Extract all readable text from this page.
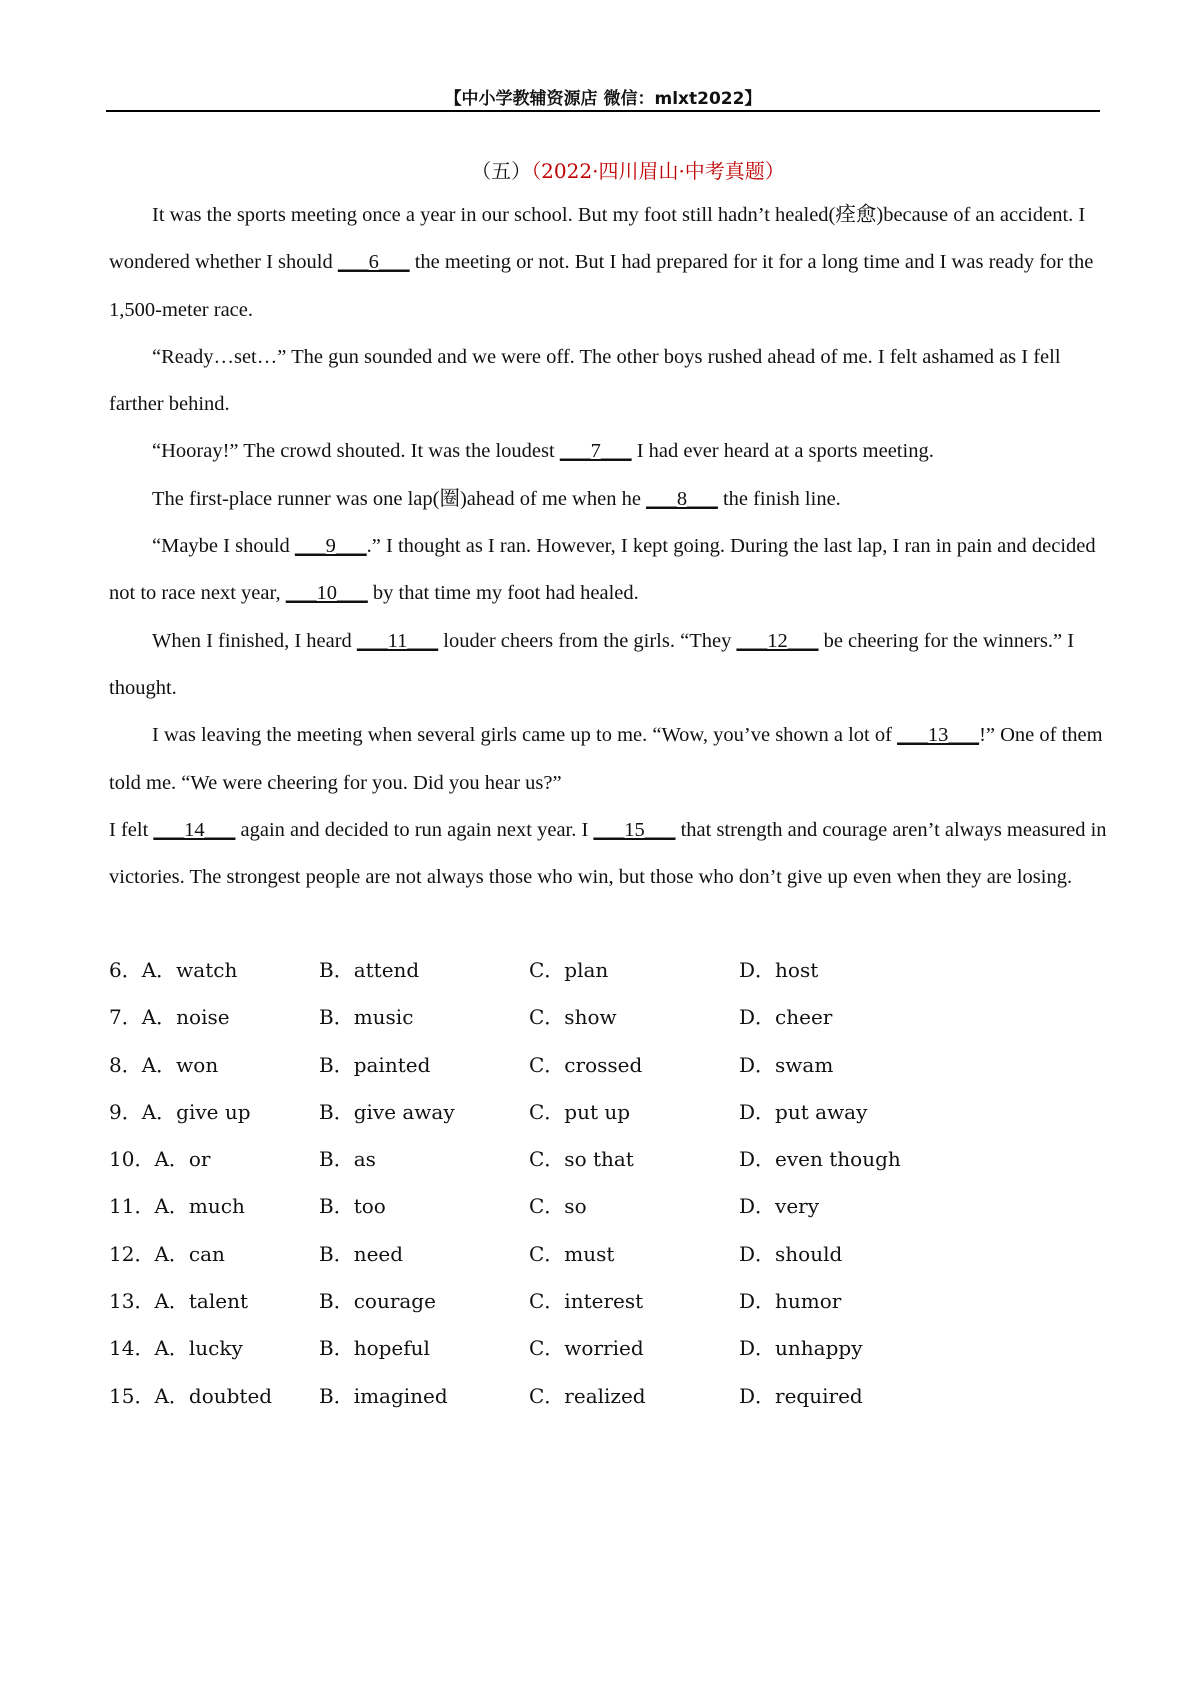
【中小学教辅资源店 微信：mlxt2022】
（五）（2022·四川眉山·中考真题）

It was the sports meeting once a year in our school. But my foot still hadn’t healed(痊愈)because of an accident. I wondered whether I should ___6___ the meeting or not. But I had prepared for it for a long time and I was ready for the 1,500-meter race.

“Ready…set…” The gun sounded and we were off. The other boys rushed ahead of me. I felt ashamed as I fell farther behind.

“Hooray!” The crowd shouted. It was the loudest ___7___ I had ever heard at a sports meeting.

The first-place runner was one lap(圈)ahead of me when he ___8___ the finish line.

“Maybe I should ___9___.” I thought as I ran. However, I kept going. During the last lap, I ran in pain and decided not to race next year, ___10___ by that time my foot had healed.

When I finished, I heard ___11___ louder cheers from the girls. “They ___12___ be cheering for the winners.” I thought.

I was leaving the meeting when several girls came up to me. “Wow, you’ve shown a lot of ___13___!” One of them told me. “We were cheering for you. Did you hear us?”

I felt ___14___ again and decided to run again next year. I ___15___ that strength and courage aren’t always measured in victories. The strongest people are not always those who win, but those who don’t give up even when they are losing.

6．A．watch	B．attend	C．plan	D．host
7．A．noise	B．music	C．show	D．cheer
8．A．won	B．painted	C．crossed	D．swam
9．A．give up	B．give away	C．put up	D．put away
10．A．or	B．as	C．so that	D．even though
11．A．much	B．too	C．so	D．very
12．A．can	B．need	C．must	D．should
13．A．talent	B．courage	C．interest	D．humor
14．A．lucky	B．hopeful	C．worried	D．unhappy
15．A．doubted B．imagined	C．realized	D．required
